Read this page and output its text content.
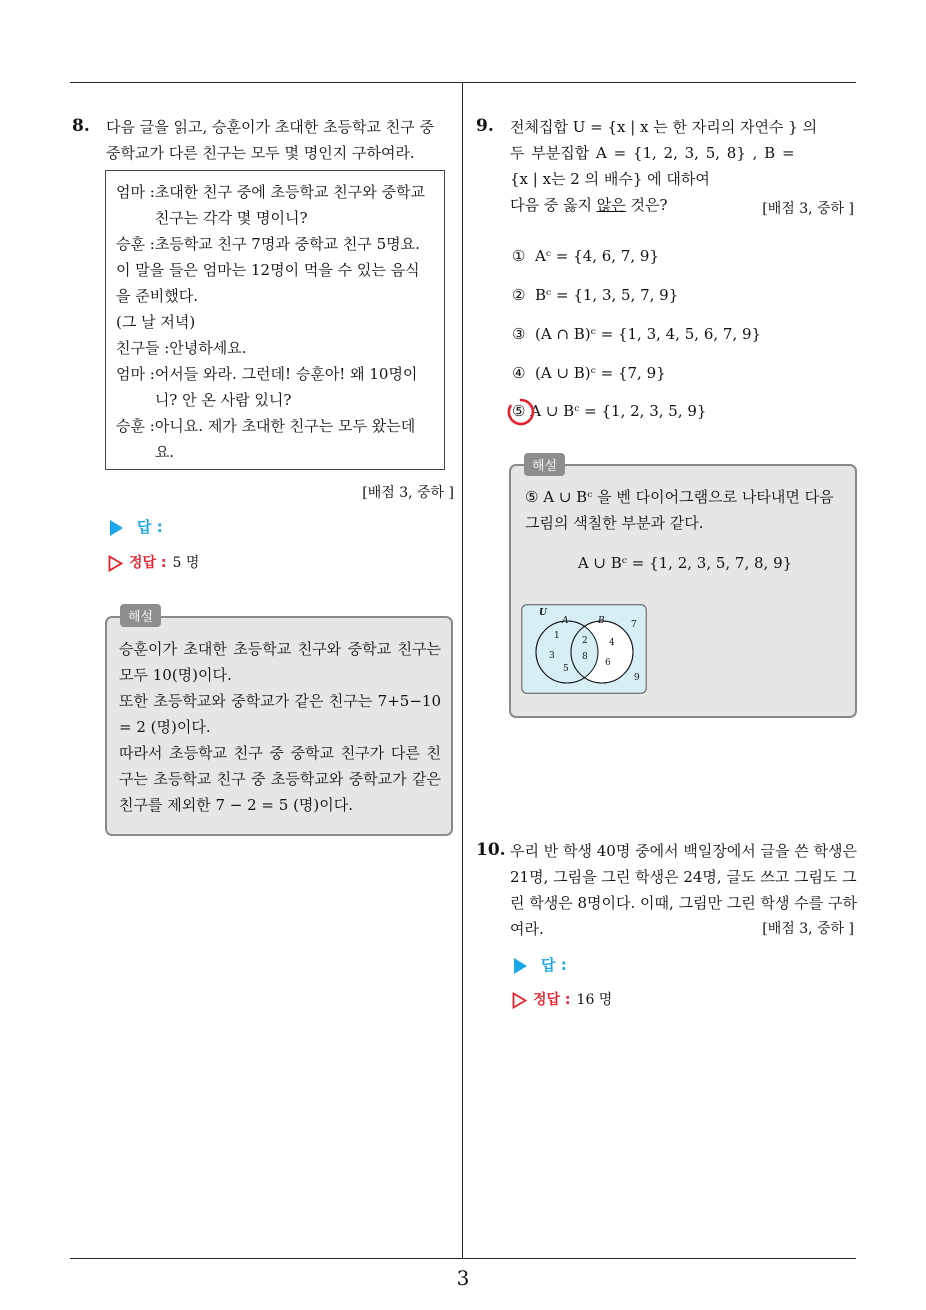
3
8. 다음 글을 읽고, 승훈이가 초대한 초등학교 친구 중
중학교가 다른 친구는 모두 몇 명인지 구하여라.
엄마 : 초대한 친구 중에 초등학교 친구와 중학교 친구는 각각 몇 명이니?
승훈 : 초등학교 친구 7명과 중학교 친구 5명요.
이 말을 들은 엄마는 12명이 먹을 수 있는 음식을 준비했다.
(그 날 저녁)
친구들 : 안녕하세요.
엄마 : 어서들 와라. 그런데! 승훈아! 왜 10명이니? 안 온 사람 있니?
승훈 : 아니요. 제가 초대한 친구는 모두 왔는데요.
[배점 3, 중하 ]
답 :
정답 : 5 명
승훈이가 초대한 초등학교 친구와 중학교 친구는 모두 10(명)이다.
또한 초등학교와 중학교가 같은 친구는 7+5−10 = 2 (명)이다.
따라서 초등학교 친구 중 중학교 친구가 다른 친구는 초등학교 친구 중 초등학교와 중학교가 같은 친구를 제외한 7 − 2 = 5 (명)이다.
해설
9. 전체집합 U = {x | x 는 한 자리의 자연수 } 의
두 부분집합 A = {1, 2, 3, 5, 8} , B =
{x | x는 2 의 배수} 에 대하여
다음 중 옳지 않은 것은?	[배점 3, 중하 ]
① Aᶜ = {4, 6, 7, 9}
② Bᶜ = {1, 3, 5, 7, 9}
③ (A ∩ B)ᶜ = {1, 3, 4, 5, 6, 7, 9}
④ (A ∪ B)ᶜ = {7, 9}
⑤ A ∪ Bᶜ = {1, 2, 3, 5, 9}
⑤ A ∪ Bᶜ 을 벤 다이어그램으로 나타내면 다음
그림의 색칠한 부분과 같다.
A ∪ Bᶜ = {1, 2, 3, 5, 7, 8, 9}
해설
U
A	B
1 2
3
4
5
6
7
8
9
10. 우리 반 학생 40명 중에서 백일장에서 글을 쓴 학생은
21명, 그림을 그린 학생은 24명, 글도 쓰고 그림도 그
린 학생은 8명이다. 이때, 그림만 그린 학생 수를 구하
여라.	[배점 3, 중하 ]
답 :
정답 : 16 명
